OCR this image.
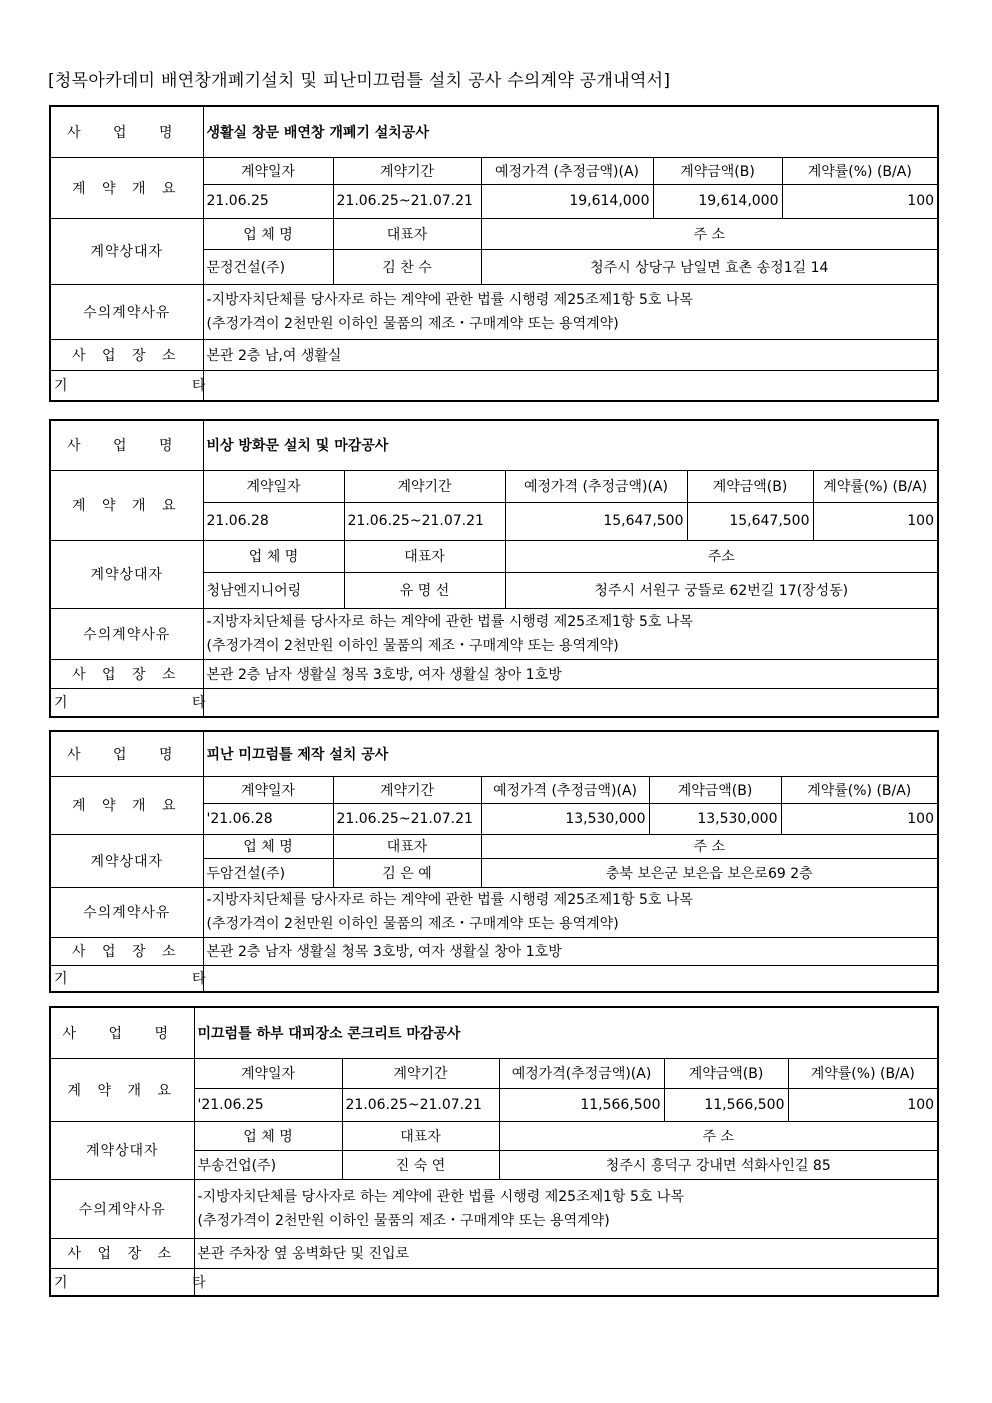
[청목아카데미 배연창개폐기설치 및 피난미끄럼틀 설치 공사 수의계약 공개내역서]
사 업 명	생활실 창문 배연창 개폐기 설치공사				
계 약 개 요	계약일자	계약기간	예정가격 (추정금액)(A)	계약금액(B)	계약률(%) (B/A)
	21.06.25	21.06.25~21.07.21	19,614,000	19,614,000	100
계약상대자	업 체 명	대표자	주 소		
	문정건설(주)	김 찬 수	청주시 상당구 남일면 효촌 송정1길 14		
수의계약사유	-지방자치단체를 당사자로 하는 계약에 관한 법률 시행령 제25조제1항 5호 나목
(추정가격이 2천만원 이하인 물품의 제조・구매계약 또는 용역계약)				

사 업 장 소	본관 2층 남,여 생활실				
기 타					
사 업 명	비상 방화문 설치 및 마감공사				
계 약 개 요	계약일자	계약기간	예정가격 (추정금액)(A)	계약금액(B)	계약률(%) (B/A)
	21.06.28	21.06.25~21.07.21	15,647,500	15,647,500	100
계약상대자	업 체 명	대표자	주소		
	청남엔지니어링	유 명 선	청주시 서원구 궁뜰로 62번길 17(장성동)		
수의계약사유	-지방자치단체를 당사자로 하는 계약에 관한 법률 시행령 제25조제1항 5호 나목
(추정가격이 2천만원 이하인 물품의 제조・구매계약 또는 용역계약)				

사 업 장 소	본관 2층 남자 생활실 청목 3호방, 여자 생활실 창아 1호방				
기 타					
사 업 명	피난 미끄럼틀 제작 설치 공사				
계 약 개 요	계약일자	계약기간	예정가격 (추정금액)(A)	계약금액(B)	계약률(%) (B/A)
	'21.06.28	21.06.25~21.07.21	13,530,000	13,530,000	100
계약상대자	업 체 명	대표자	주 소		
	두암건설(주)	김 은 예	충북 보은군 보은읍 보은로69 2층		
수의계약사유	-지방자치단체를 당사자로 하는 계약에 관한 법률 시행령 제25조제1항 5호 나목
(추정가격이 2천만원 이하인 물품의 제조・구매계약 또는 용역계약)				

사 업 장 소	본관 2층 남자 생활실 청목 3호방, 여자 생활실 창아 1호방				
기 타					
사 업 명	미끄럼틀 하부 대피장소 콘크리트 마감공사				
계 약 개 요	계약일자	계약기간	예정가격(추정금액)(A)	계약금액(B)	계약률(%) (B/A)
	'21.06.25	21.06.25~21.07.21	11,566,500	11,566,500	100
계약상대자	업 체 명	대표자	주 소		
	부송건업(주)	진 숙 연	청주시 흥덕구 강내면 석화사인길 85		
수의계약사유	-지방자치단체를 당사자로 하는 계약에 관한 법률 시행령 제25조제1항 5호 나목
(추정가격이 2천만원 이하인 물품의 제조・구매계약 또는 용역계약)				

사 업 장 소	본관 주차장 옆 옹벽화단 및 진입로				
기 타					
